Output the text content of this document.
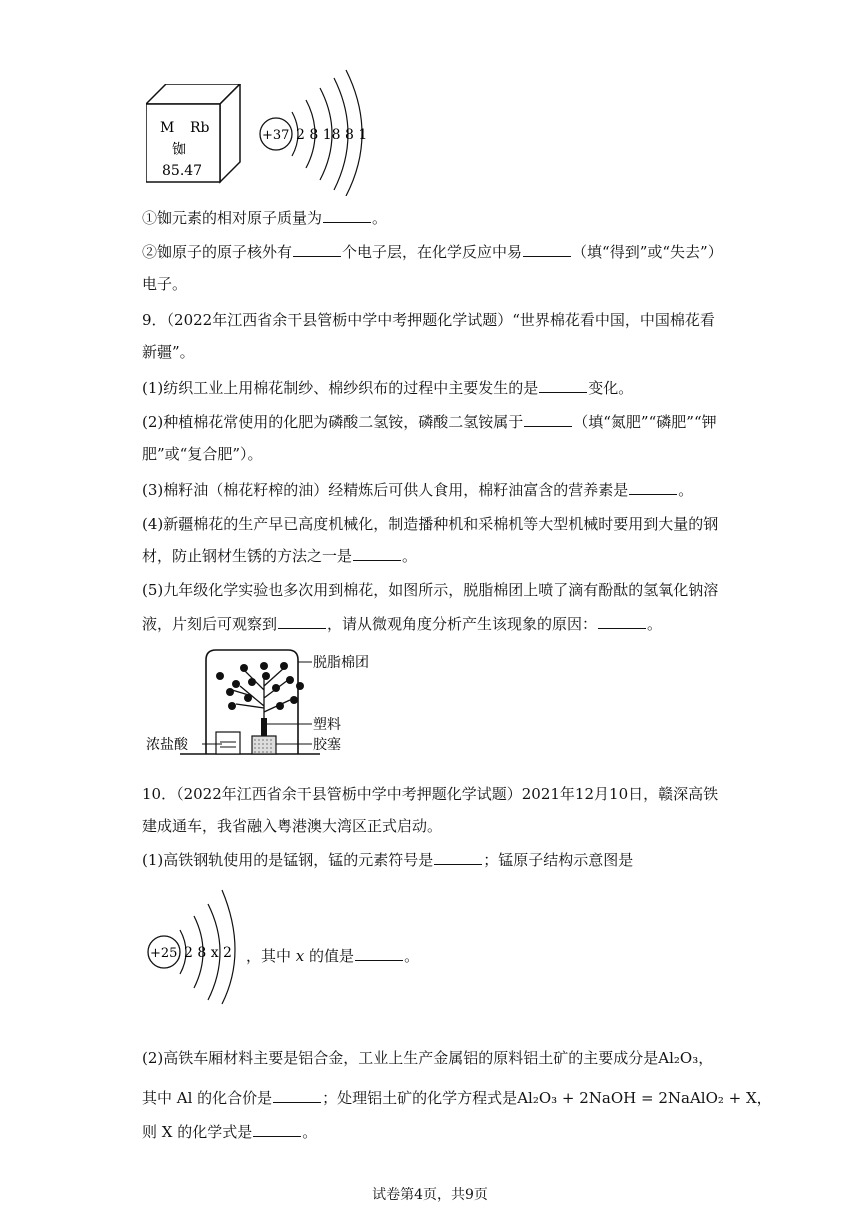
M Rb
铷
85.47
+37 2 8 18 8 1
①铷元素的相对原子质量为	。
②铷原子的原子核外有	个电子层，在化学反应中易	（填“得到”或“失去”）
电子。
9．（2022年江西省余干县管栃中学中考押题化学试题）“世界棉花看中国，中国棉花看
新疆”。
(1)纺织工业上用棉花制纱、棉纱织布的过程中主要发生的是	变化。
(2)种植棉花常使用的化肥为磷酸二氢铵，磷酸二氢铵属于	（填“氮肥”“磷肥”“钾
肥”或“复合肥”）。
(3)棉籽油（棉花籽榨的油）经精炼后可供人食用，棉籽油富含的营养素是	。
(4)新疆棉花的生产早已高度机械化，制造播种机和采棉机等大型机械时要用到大量的钢
材，防止钢材生锈的方法之一是	。
(5)九年级化学实验也多次用到棉花，如图所示，脱脂棉团上喷了滴有酚酞的氢氧化钠溶
液，片刻后可观察到	，请从微观角度分析产生该现象的原因：	。
脱脂棉团
塑料
胶塞
浓盐酸
10．（2022年江西省余干县管栃中学中考押题化学试题）2021年12月10日，赣深高铁
建成通车，我省融入粤港澳大湾区正式启动。
(1)高铁钢轨使用的是锰钢，锰的元素符号是	；锰原子结构示意图是
+25 2 8 x 2 ，其中 x 的值是	。
(2)高铁车厢材料主要是铝合金，工业上生产金属铝的原料铝土矿的主要成分是Al₂O₃，
其中 Al 的化合价是	；处理铝土矿的化学方程式是Al₂O₃ + 2NaOH = 2NaAlO₂ + X，
则 X 的化学式是	。
试卷第4页，共9页
